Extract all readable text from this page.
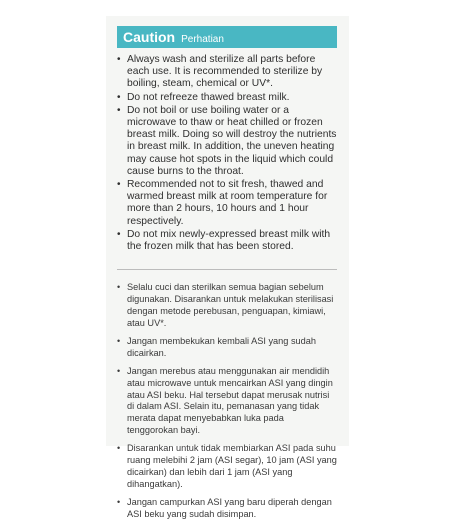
Caution Perhatian
• Always wash and sterilize all parts before each use. It is recommended to sterilize by boiling, steam, chemical or UV*.
• Do not refreeze thawed breast milk.
• Do not boil or use boiling water or a microwave to thaw or heat chilled or frozen breast milk. Doing so will destroy the nutrients in breast milk. In addition, the uneven heating may cause hot spots in the liquid which could cause burns to the throat.
• Recommended not to sit fresh, thawed and warmed breast milk at room temperature for more than 2 hours, 10 hours and 1 hour respectively.
• Do not mix newly-expressed breast milk with the frozen milk that has been stored.
• Selalu cuci dan sterilkan semua bagian sebelum digunakan. Disarankan untuk melakukan sterilisasi dengan metode perebusan, penguapan, kimiawi, atau UV*.
• Jangan membekukan kembali ASI yang sudah dicairkan.
• Jangan merebus atau menggunakan air mendidih atau microwave untuk mencairkan ASI yang dingin atau ASI beku. Hal tersebut dapat merusak nutrisi di dalam ASI. Selain itu, pemanasan yang tidak merata dapat menyebabkan luka pada tenggorokan bayi.
• Disarankan untuk tidak membiarkan ASI pada suhu ruang melebihi 2 jam (ASI segar), 10 jam (ASI yang dicairkan) dan lebih dari 1 jam (ASI yang dihangatkan).
• Jangan campurkan ASI yang baru diperah dengan ASI beku yang sudah disimpan.
